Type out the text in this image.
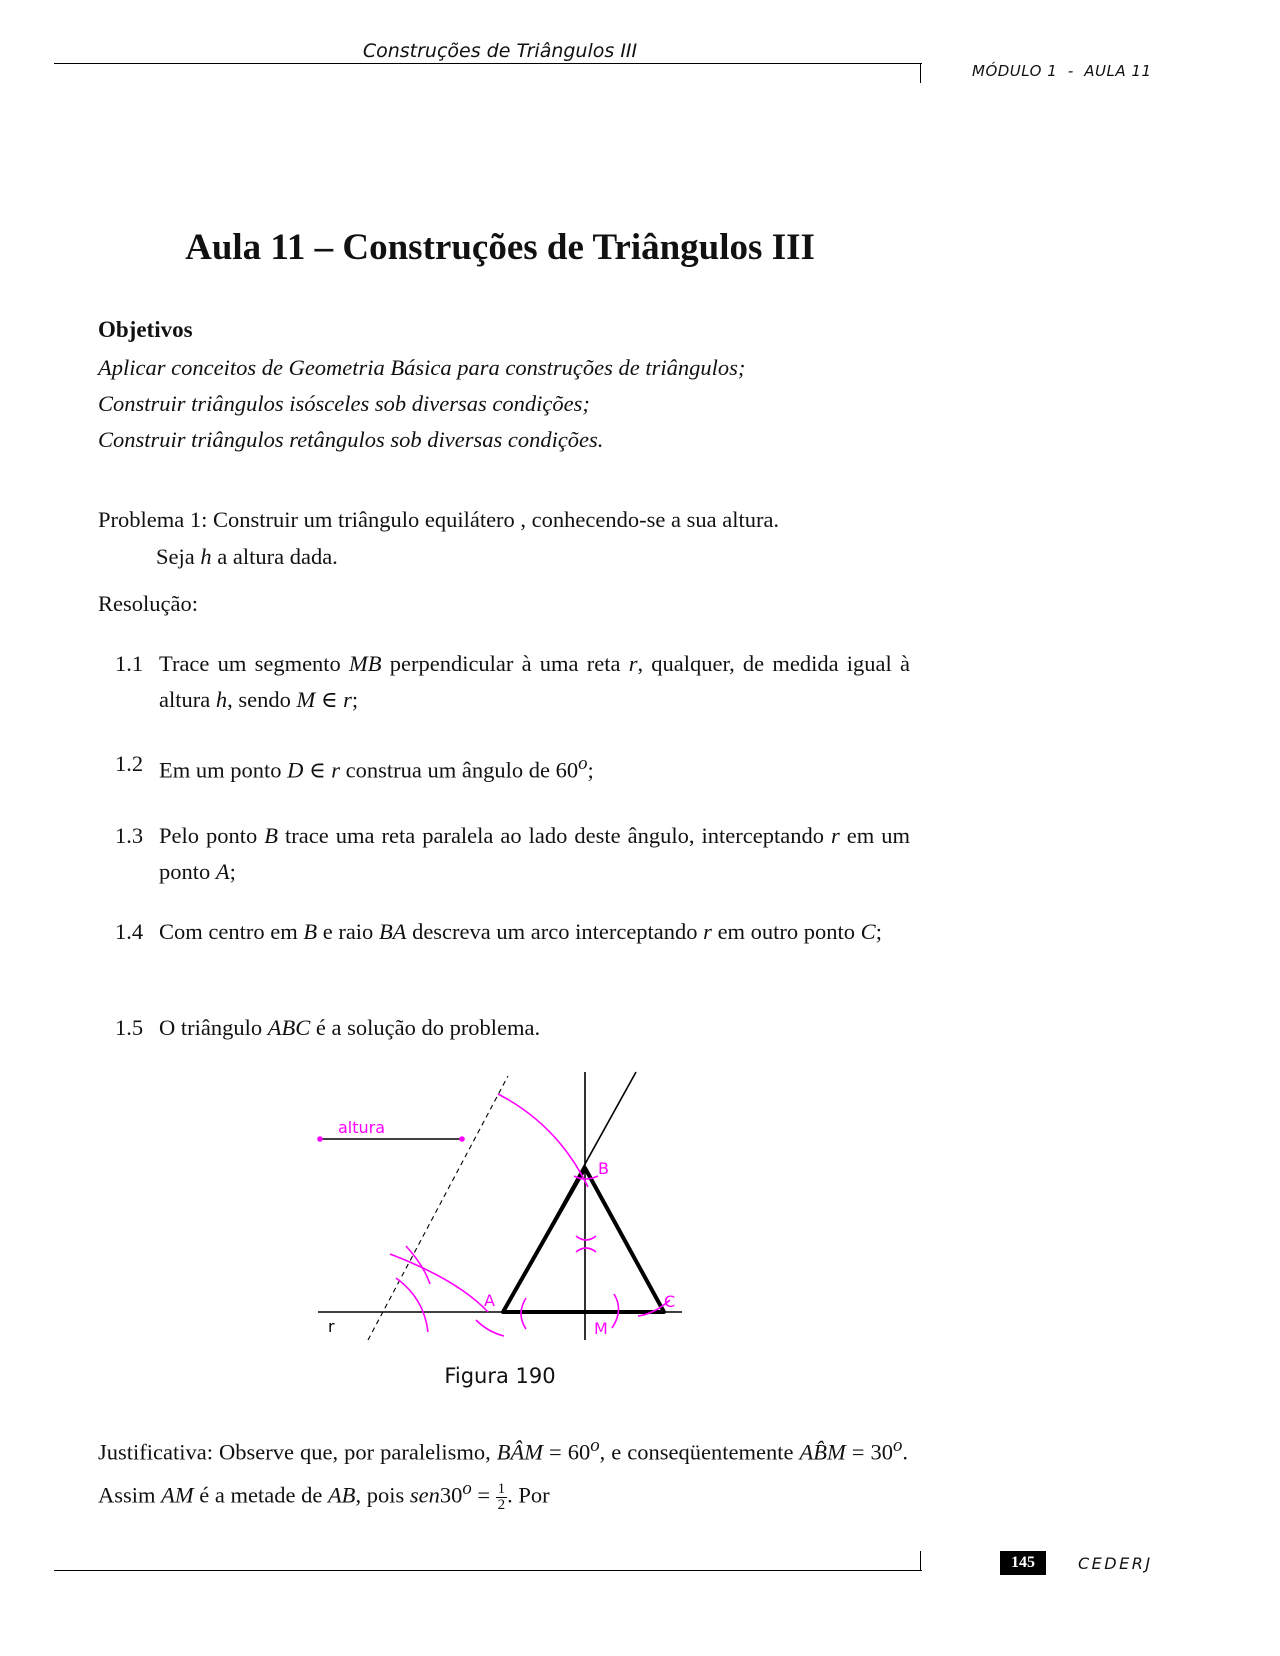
Construções de Triângulos III
MÓDULO 1  -  AULA 11
Aula 11 – Construções de Triângulos III
Objetivos
Aplicar conceitos de Geometria Básica para construções de triângulos;
Construir triângulos isósceles sob diversas condições;
Construir triângulos retângulos sob diversas condições.
Problema 1: Construir um triângulo equilátero , conhecendo-se a sua altura.
Seja h a altura dada.
Resolução:
1.1 Trace um segmento MB perpendicular à uma reta r, qualquer, de medida igual à altura h, sendo M ∈ r;
1.2 Em um ponto D ∈ r construa um ângulo de 60$^o$;
1.3 Pelo ponto B trace uma reta paralela ao lado deste ângulo, interceptando r em um ponto A;
1.4 Com centro em B e raio BA descreva um arco interceptando r em outro ponto C;
1.5 O triângulo ABC é a solução do problema.
altura
r
A
B
C
M
Figura 190
Justificativa: Observe que, por paralelismo, BÂM = $60^o$, e conseqüentemente AB̂M = $30^o$. Assim AM é a metade de AB, pois $sen30^o = \frac{1}{2}$ . Por
145	CEDERJ
